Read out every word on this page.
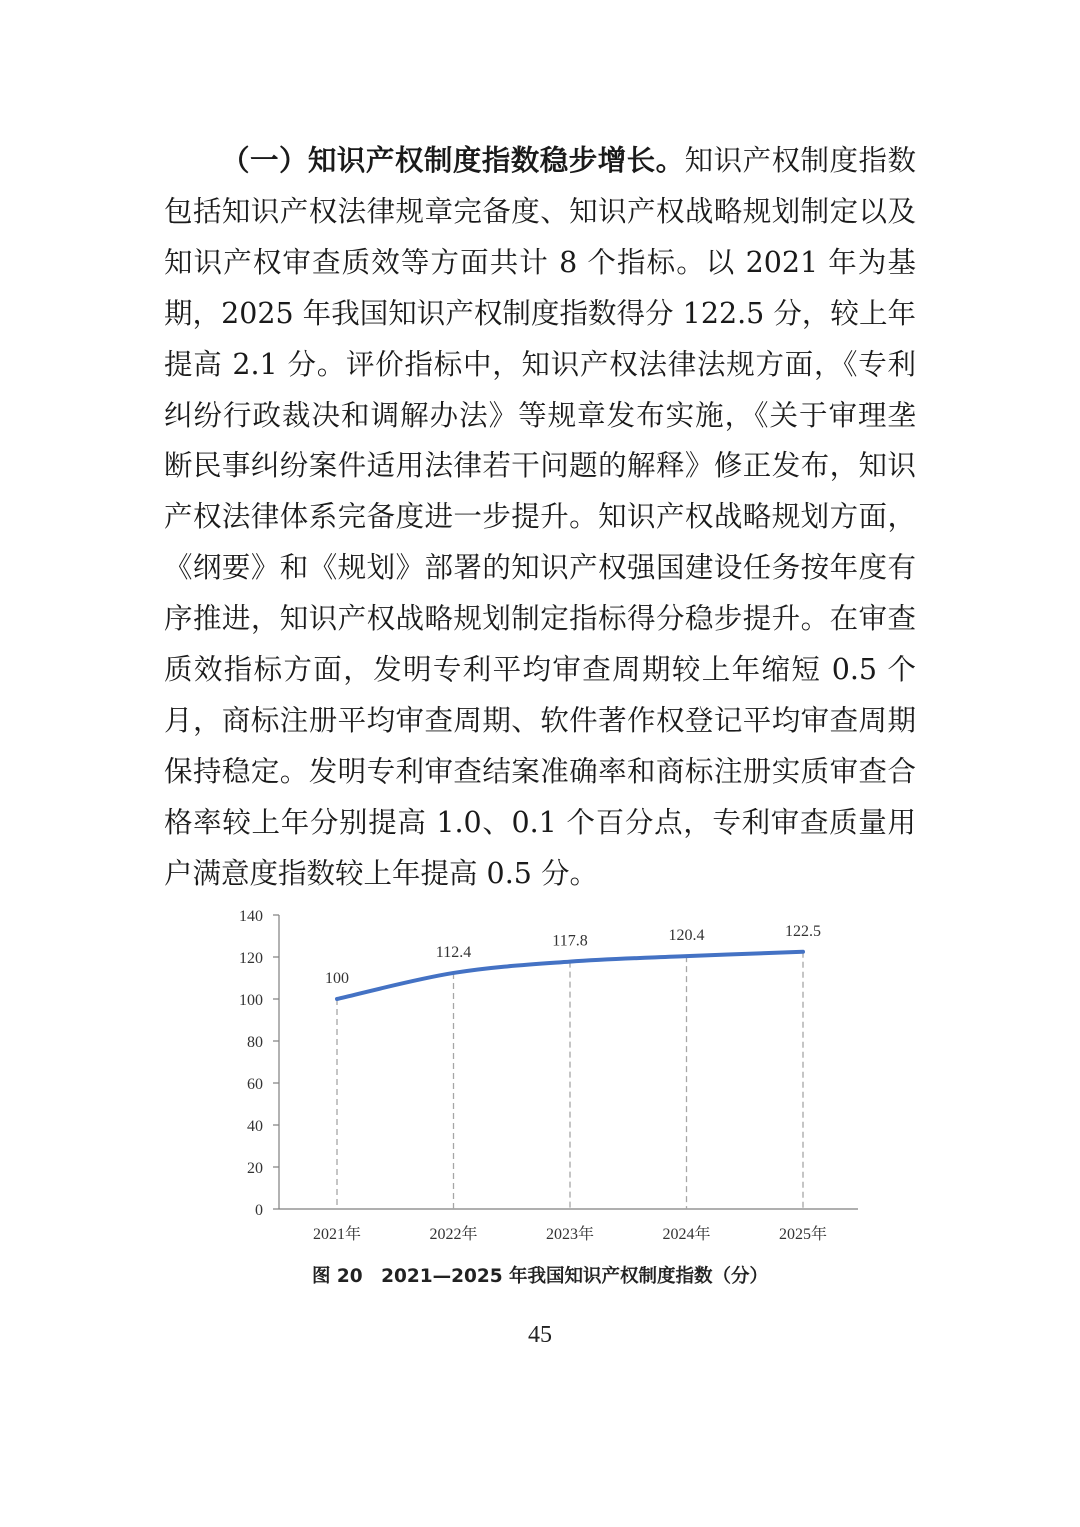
（一）知识产权制度指数稳步增长。知识产权制度指数包括知识产权法律规章完备度、知识产权战略规划制定以及知识产权审查质效等方面共计 8 个指标。以 2021 年为基期，2025 年我国知识产权制度指数得分 122.5 分，较上年提高 2.1 分。评价指标中，知识产权法律法规方面，《专利纠纷行政裁决和调解办法》等规章发布实施，《关于审理垄断民事纠纷案件适用法律若干问题的解释》修正发布，知识产权法律体系完备度进一步提升。知识产权战略规划方面，《纲要》和《规划》部署的知识产权强国建设任务按年度有序推进，知识产权战略规划制定指标得分稳步提升。在审查质效指标方面，发明专利平均审查周期较上年缩短 0.5 个月，商标注册平均审查周期、软件著作权登记平均审查周期保持稳定。发明专利审查结案准确率和商标注册实质审查合格率较上年分别提高 1.0、0.1 个百分点，专利审查质量用户满意度指数较上年提高 0.5 分。

0
20
40
60
80
100
120
140
2021年	2022年	2023年	2024年	2025年
100
112.4
117.8	120.4	122.5
图 20　2021—2025 年我国知识产权制度指数（分）
45
